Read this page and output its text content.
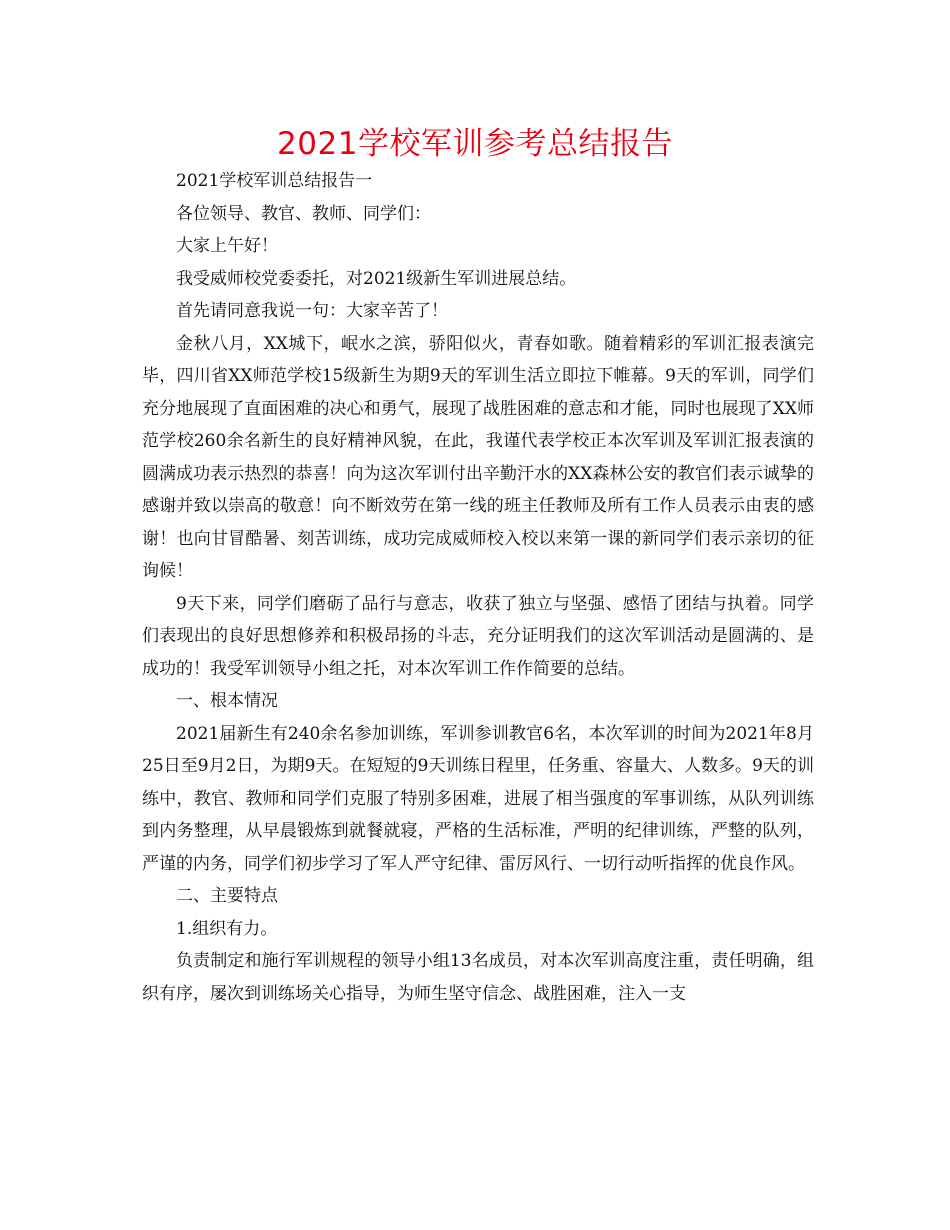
2021学校军训参考总结报告

2021学校军训总结报告一

各位领导、教官、教师、同学们：

大家上午好！

我受威师校党委委托，对2021级新生军训进展总结。

首先请同意我说一句：大家辛苦了！

金秋八月，XX城下，岷水之滨，骄阳似火，青春如歌。随着精彩的军训汇报表演完毕，四川省XX师范学校15级新生为期9天的军训生活立即拉下帷幕。9天的军训，同学们充分地展现了直面困难的决心和勇气，展现了战胜困难的意志和才能，同时也展现了XX师范学校260余名新生的良好精神风貌，在此，我谨代表学校正本次军训及军训汇报表演的圆满成功表示热烈的恭喜！向为这次军训付出辛勤汗水的XX森林公安的教官们表示诚挚的感谢并致以崇高的敬意！向不断效劳在第一线的班主任教师及所有工作人员表示由衷的感谢！也向甘冒酷暑、刻苦训练，成功完成威师校入校以来第一课的新同学们表示亲切的征询候！

9天下来，同学们磨砺了品行与意志，收获了独立与坚强、感悟了团结与执着。同学们表现出的良好思想修养和积极昂扬的斗志，充分证明我们的这次军训活动是圆满的、是成功的！我受军训领导小组之托，对本次军训工作作简要的总结。

一、根本情况

2021届新生有240余名参加训练，军训参训教官6名，本次军训的时间为2021年8月25日至9月2日，为期9天。在短短的9天训练日程里，任务重、容量大、人数多。9天的训练中，教官、教师和同学们克服了特别多困难，进展了相当强度的军事训练，从队列训练到内务整理，从早晨锻炼到就餐就寝，严格的生活标准，严明的纪律训练，严整的队列，严谨的内务，同学们初步学习了军人严守纪律、雷厉风行、一切行动听指挥的优良作风。

二、主要特点

1.组织有力。

负责制定和施行军训规程的领导小组13名成员，对本次军训高度注重，责任明确，组织有序，屡次到训练场关心指导，为师生坚守信念、战胜困难，注入一支
